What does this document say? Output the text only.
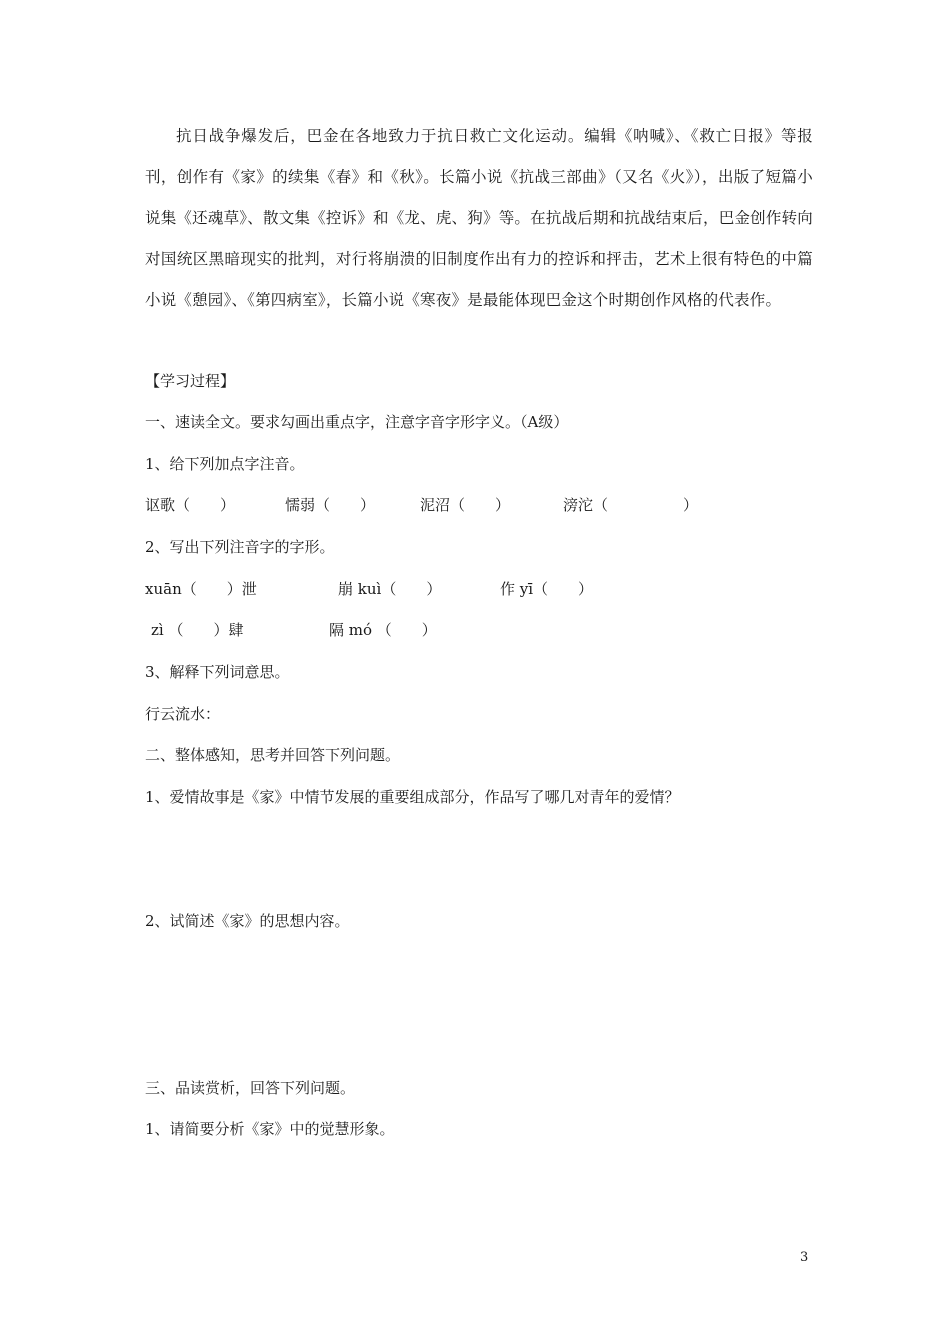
抗日战争爆发后，巴金在各地致力于抗日救亡文化运动。编辑《呐喊》、《救亡日报》等报刊，创作有《家》的续集《春》和《秋》。长篇小说《抗战三部曲》（又名《火》），出版了短篇小说集《还魂草》、散文集《控诉》和《龙、虎、狗》等。在抗战后期和抗战结束后，巴金创作转向对国统区黑暗现实的批判，对行将崩溃的旧制度作出有力的控诉和抨击，艺术上很有特色的中篇小说《憩园》、《第四病室》，长篇小说《寒夜》是最能体现巴金这个时期创作风格的代表作。
【学习过程】
一、速读全文。要求勾画出重点字，注意字音字形字义。（A级）
1、给下列加点字注音。
讴歌（　　）	懦弱（　　）	泥沼（　　）	滂沱（　　　　　）
2、写出下列注音字的字形。
xuān（　　）泄	崩 kuì（　　）	作 yī（　　）
zì （　　）肆	隔 mó （　　）
3、解释下列词意思。
行云流水：
二、整体感知，思考并回答下列问题。
1、爱情故事是《家》中情节发展的重要组成部分，作品写了哪几对青年的爱情？
2、试简述《家》的思想内容。
三、品读赏析，回答下列问题。
1、请简要分析《家》中的觉慧形象。
3
